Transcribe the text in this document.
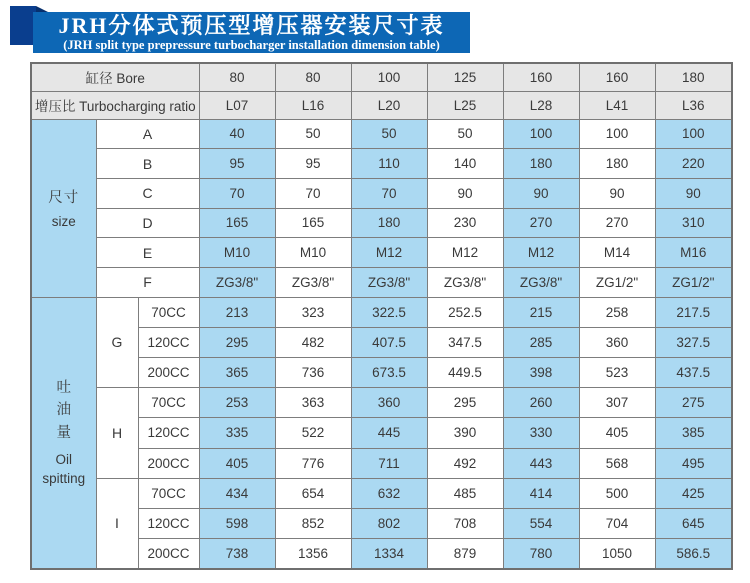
JRH分体式预压型增压器安装尺寸表
(JRH split type prepressure turbocharger installation dimension table)
缸径 Bore			80	80	100	125	160	160	180
增压比 Turbocharging ratio			L07	L16	L20	L25	L28	L41	L36

尺寸
size	A		40	50	50	50	100	100	100
	B		95	95	110	140	180	180	220
	C		70	70	70	90	90	90	90
	D		165	165	180	230	270	270	310
	E		M10	M10	M12	M12	M12	M14	M16
	F		ZG3/8"	ZG3/8"	ZG3/8"	ZG3/8"	ZG3/8"	ZG1/2"	ZG1/2"

吐油量
Oil
spitting	G	70CC	213	323	322.5	252.5	215	258	217.5
		120CC	295	482	407.5	347.5	285	360	327.5
		200CC	365	736	673.5	449.5	398	523	437.5
	H	70CC	253	363	360	295	260	307	275
		120CC	335	522	445	390	330	405	385
		200CC	405	776	711	492	443	568	495
	I	70CC	434	654	632	485	414	500	425
		120CC	598	852	802	708	554	704	645
		200CC	738	1356	1334	879	780	1050	586.5
